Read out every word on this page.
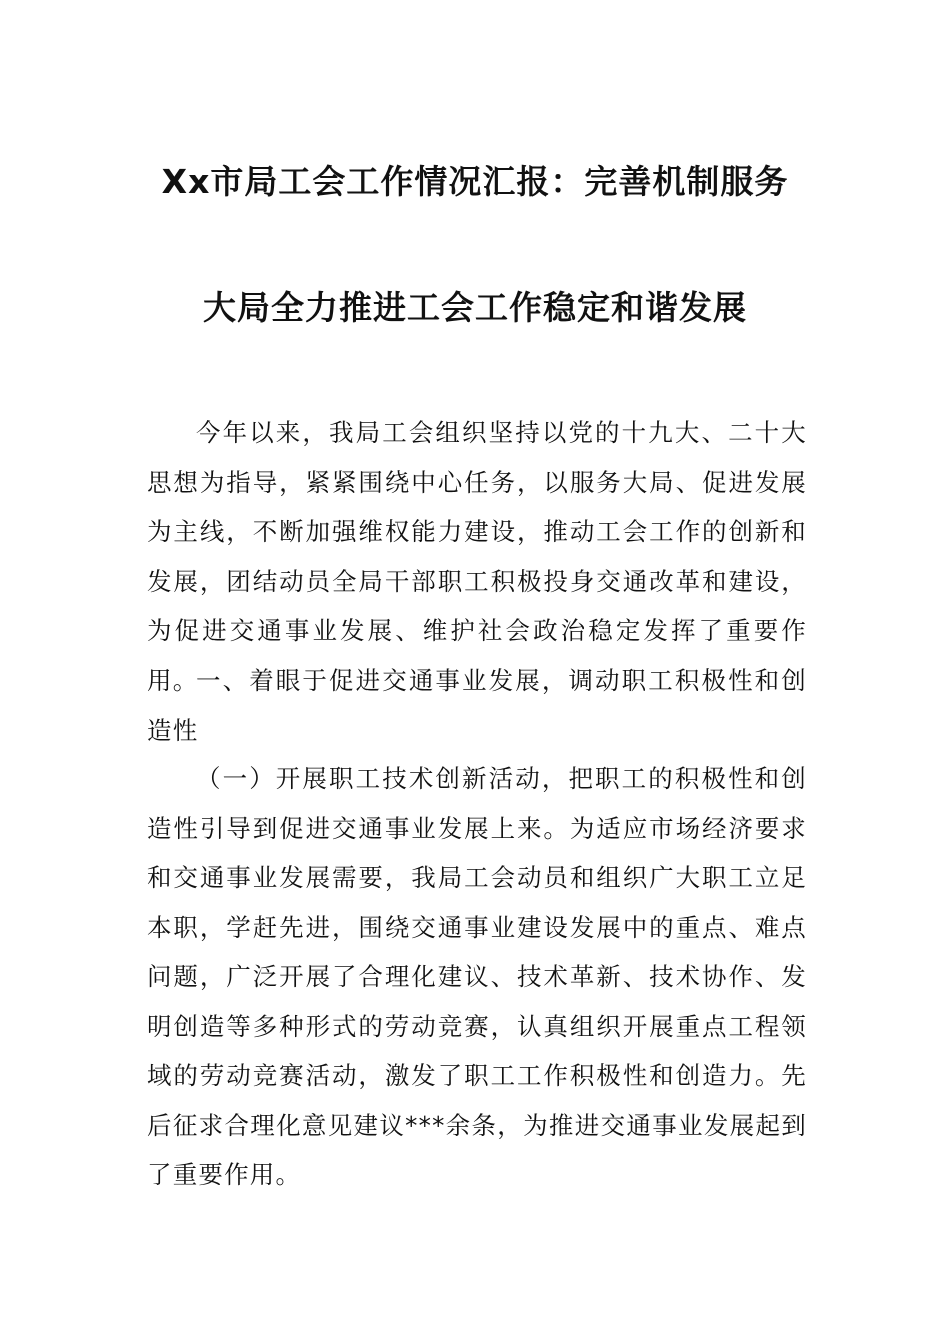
Xx市局工会工作情况汇报：完善机制服务
大局全力推进工会工作稳定和谐发展

今年以来，我局工会组织坚持以党的十九大、二十大思想为指导，紧紧围绕中心任务，以服务大局、促进发展为主线，不断加强维权能力建设，推动工会工作的创新和发展，团结动员全局干部职工积极投身交通改革和建设，为促进交通事业发展、维护社会政治稳定发挥了重要作用。

一、着眼于促进交通事业发展，调动职工积极性和创造性

（一）开展职工技术创新活动，把职工的积极性和创造性引导到促进交通事业发展上来。为适应市场经济要求和交通事业发展需要，我局工会动员和组织广大职工立足本职，学赶先进，围绕交通事业建设发展中的重点、难点问题，广泛开展了合理化建议、技术革新、技术协作、发明创造等多种形式的劳动竞赛，认真组织开展重点工程领域的劳动竞赛活动，激发了职工工作积极性和创造力。先后征求合理化意见建议***余条，为推进交通事业发展起到了重要作用。
